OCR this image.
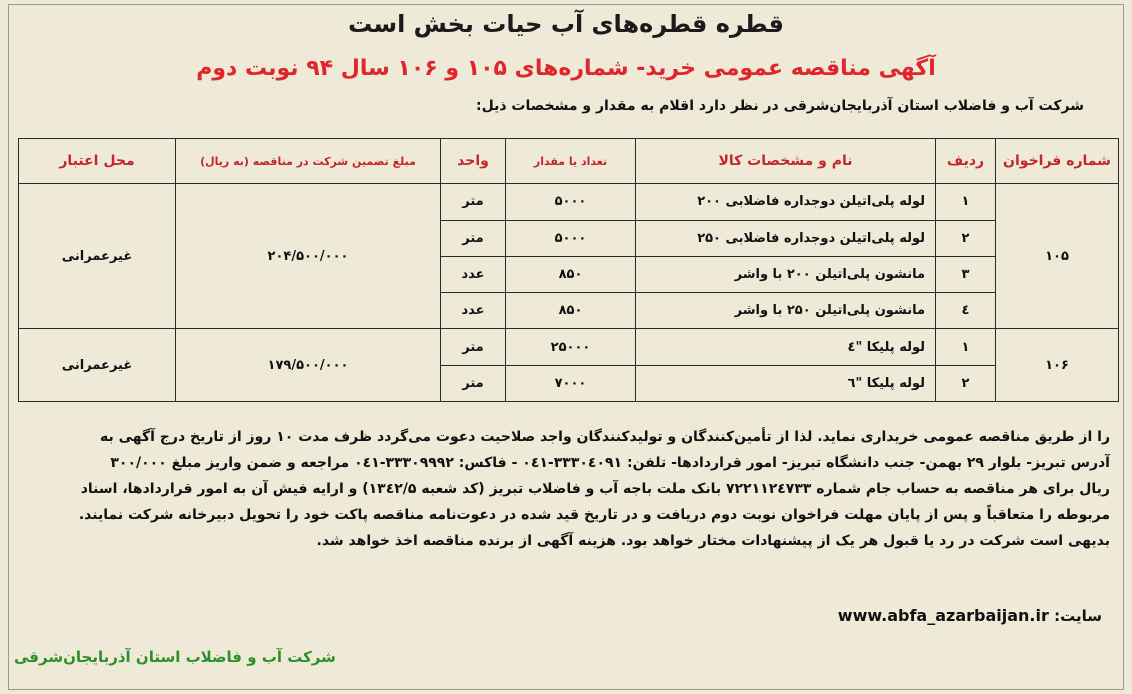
قطره قطره‌های آب حیات بخش است
آگهی مناقصه عمومی خرید- شماره‌های ۱۰۵ و ۱۰۶ سال ۹۴ نوبت دوم
شرکت آب و فاضلاب استان آذربایجان‌شرقی در نظر دارد اقلام به مقدار و مشخصات ذیل:
شماره فراخوان	ردیف	نام و مشخصات کالا	تعداد یا مقدار	واحد	مبلغ تضمین شرکت در مناقصه (به ریال)	محل اعتبار
۱۰۵	۱	لوله پلی‌اتیلن دوجداره فاضلابی ۲۰۰	۵۰۰۰	متر	۲۰۴/۵۰۰/۰۰۰	غیرعمرانی
	۲	لوله پلی‌اتیلن دوجداره فاضلابی ۲۵۰	۵۰۰۰	متر		
	۳	مانشون پلی‌اتیلن ۲۰۰ با واشر	۸۵۰	عدد		
	٤	مانشون پلی‌اتیلن ۲۵۰ با واشر	۸۵۰	عدد		
۱۰۶	۱	لوله پلیکا "٤	۲۵۰۰۰	متر	۱۷۹/۵۰۰/۰۰۰	غیرعمرانی
	۲	لوله پلیکا "٦	۷۰۰۰	متر		

را از طریق مناقصه عمومی خریداری نماید. لذا از تأمین‌کنندگان و تولیدکنندگان واجد صلاحیت دعوت می‌گردد ظرف مدت ۱۰ روز از تاریخ درج آگهی به

آدرس تبریز- بلوار ۲۹ بهمن- جنب دانشگاه تبریز- امور قراردادها- تلفن: ۳۳۳۰٤۰۹۱-۰٤۱ - فاکس: ۳۳۳۰۹۹۹۲-۰٤۱ مراجعه و ضمن واریز مبلغ ۳۰۰/۰۰۰

ریال برای هر مناقصه به حساب جام شماره ۷۲۲۱۱۲٤۷۳۳ بانک ملت باجه آب و فاضلاب تبریز (کد شعبه ۱۳٤۲/۵) و ارایه فیش آن به امور قراردادها، اسناد

مربوطه را متعاقباً و پس از پایان مهلت فراخوان نوبت دوم دریافت و در تاریخ قید شده در دعوت‌نامه مناقصه پاکت خود را تحویل دبیرخانه شرکت نمایند.

بدیهی است شرکت در رد یا قبول هر یک از پیشنهادات مختار خواهد بود. هزینه آگهی از برنده مناقصه اخذ خواهد شد.

سایت: www.abfa_azarbaijan.ir
شرکت آب و فاضلاب استان آذربایجان‌شرقی
